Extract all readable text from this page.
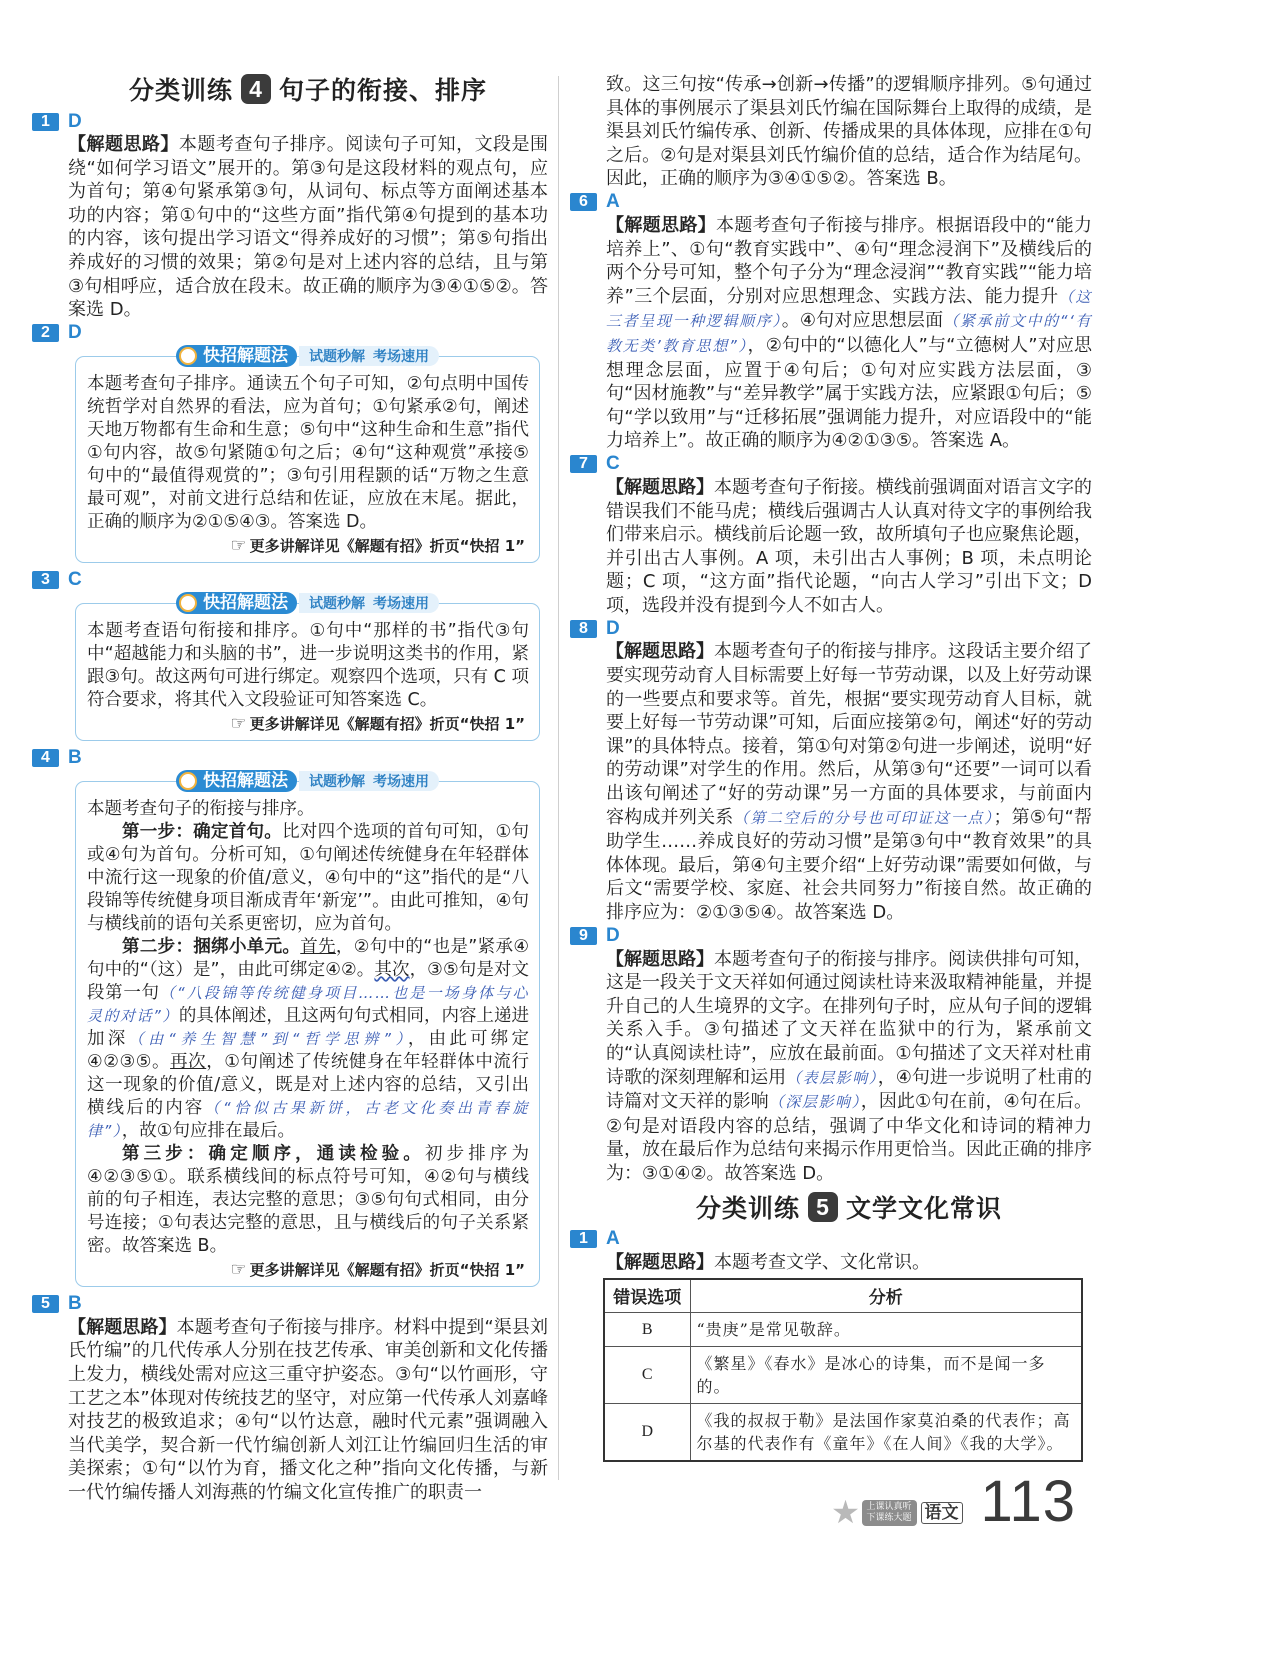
分类训练 4 句子的衔接、排序
1 D

【解题思路】本题考查句子排序。阅读句子可知，文段是围绕“如何学习语文”展开的。第③句是这段材料的观点句，应为首句；第④句紧承第③句，从词句、标点等方面阐述基本功的内容；第①句中的“这些方面”指代第④句提到的基本功的内容，该句提出学习语文“得养成好的习惯”；第⑤句指出养成好的习惯的效果；第②句是对上述内容的总结，且与第③句相呼应，适合放在段末。故正确的顺序为③④①⑤②。答案选 D。

2 D
快招解题法	试题秒解 考场速用

本题考查句子排序。通读五个句子可知，②句点明中国传统哲学对自然界的看法，应为首句；①句紧承②句，阐述天地万物都有生命和生意；⑤句中“这种生命和生意”指代①句内容，故⑤句紧随①句之后；④句“这种观赏”承接⑤句中的“最值得观赏的”；③句引用程颢的话“万物之生意最可观”，对前文进行总结和佐证，应放在末尾。据此，正确的顺序为②①⑤④③。答案选 D。

☞ 更多讲解详见《解题有招》折页“快招 1”
3 C
快招解题法	试题秒解 考场速用

本题考查语句衔接和排序。①句中“那样的书”指代③句中“超越能力和头脑的书”，进一步说明这类书的作用，紧跟③句。故这两句可进行绑定。观察四个选项，只有 C 项符合要求，将其代入文段验证可知答案选 C。

☞ 更多讲解详见《解题有招》折页“快招 1”
4 B
快招解题法	试题秒解 考场速用

本题考查句子的衔接与排序。

第一步：确定首句。比对四个选项的首句可知，①句或④句为首句。分析可知，①句阐述传统健身在年轻群体中流行这一现象的价值/意义，④句中的“这”指代的是“八段锦等传统健身项目渐成青年‘新宠’”。由此可推知，④句与横线前的语句关系更密切，应为首句。

第二步：捆绑小单元。首先，②句中的“也是”紧承④句中的“（这）是”，由此可绑定④②。其次，③⑤句是对文段第一句（“八段锦等传统健身项目……也是一场身体与心灵的对话”）的具体阐述，且这两句句式相同，内容上递进加深（由“养生智慧”到“哲学思辨”），由此可绑定④②③⑤。再次，①句阐述了传统健身在年轻群体中流行这一现象的价值/意义，既是对上述内容的总结，又引出横线后的内容（“恰似古果新饼，古老文化奏出青春旋律”），故①句应排在最后。

第三步：确定顺序，通读检验。初步排序为④②③⑤①。联系横线间的标点符号可知，④②句与横线前的句子相连，表达完整的意思；③⑤句句式相同，由分号连接；①句表达完整的意思，且与横线后的句子关系紧密。故答案选 B。

☞ 更多讲解详见《解题有招》折页“快招 1”
5 B

【解题思路】本题考查句子衔接与排序。材料中提到“渠县刘氏竹编”的几代传承人分别在技艺传承、审美创新和文化传播上发力，横线处需对应这三重守护姿态。③句“以竹画形，守工艺之本”体现对传统技艺的坚守，对应第一代传承人刘嘉峰对技艺的极致追求；④句“以竹达意，融时代元素”强调融入当代美学，契合新一代竹编创新人刘江让竹编回归生活的审美探索；①句“以竹为育，播文化之种”指向文化传播，与新一代竹编传播人刘海燕的竹编文化宣传推广的职责一

致。这三句按“传承→创新→传播”的逻辑顺序排列。⑤句通过具体的事例展示了渠县刘氏竹编在国际舞台上取得的成绩，是渠县刘氏竹编传承、创新、传播成果的具体体现，应排在①句之后。②句是对渠县刘氏竹编价值的总结，适合作为结尾句。因此，正确的顺序为③④①⑤②。答案选 B。

6 A

【解题思路】本题考查句子衔接与排序。根据语段中的“能力培养上”、①句“教育实践中”、④句“理念浸润下”及横线后的两个分号可知，整个句子分为“理念浸润”“教育实践”“能力培养”三个层面，分别对应思想理念、实践方法、能力提升（这三者呈现一种逻辑顺序）。④句对应思想层面（紧承前文中的“‘有教无类’教育思想”），②句中的“以德化人”与“立德树人”对应思想理念层面，应置于④句后；①句对应实践方法层面，③句“因材施教”与“差异教学”属于实践方法，应紧跟①句后；⑤句“学以致用”与“迁移拓展”强调能力提升，对应语段中的“能力培养上”。故正确的顺序为④②①③⑤。答案选 A。

7 C

【解题思路】本题考查句子衔接。横线前强调面对语言文字的错误我们不能马虎；横线后强调古人认真对待文字的事例给我们带来启示。横线前后论题一致，故所填句子也应聚焦论题，并引出古人事例。A 项，未引出古人事例；B 项，未点明论题；C 项，“这方面”指代论题，“向古人学习”引出下文；D 项，选段并没有提到今人不如古人。

8 D

【解题思路】本题考查句子的衔接与排序。这段话主要介绍了要实现劳动育人目标需要上好每一节劳动课，以及上好劳动课的一些要点和要求等。首先，根据“要实现劳动育人目标，就要上好每一节劳动课”可知，后面应接第②句，阐述“好的劳动课”的具体特点。接着，第①句对第②句进一步阐述，说明“好的劳动课”对学生的作用。然后，从第③句“还要”一词可以看出该句阐述了“好的劳动课”另一方面的具体要求，与前面内容构成并列关系（第二空后的分号也可印证这一点）；第⑤句“帮助学生……养成良好的劳动习惯”是第③句中“教育效果”的具体体现。最后，第④句主要介绍“上好劳动课”需要如何做，与后文“需要学校、家庭、社会共同努力”衔接自然。故正确的排序应为：②①③⑤④。故答案选 D。

9 D

【解题思路】本题考查句子的衔接与排序。阅读供排句可知，这是一段关于文天祥如何通过阅读杜诗来汲取精神能量，并提升自己的人生境界的文字。在排列句子时，应从句子间的逻辑关系入手。③句描述了文天祥在监狱中的行为，紧承前文的“认真阅读杜诗”，应放在最前面。①句描述了文天祥对杜甫诗歌的深刻理解和运用（表层影响），④句进一步说明了杜甫的诗篇对文天祥的影响（深层影响），因此①句在前，④句在后。②句是对语段内容的总结，强调了中华文化和诗词的精神力量，放在最后作为总结句来揭示作用更恰当。因此正确的排序为：③①④②。故答案选 D。

分类训练 5 文学文化常识
1 A

【解题思路】本题考查文学、文化常识。

错误选项	分析
B	“贵庚”是常见敬辞。
C	《繁星》《春水》是冰心的诗集，而不是闻一多的。
D	《我的叔叔于勒》是法国作家莫泊桑的代表作；高尔基的代表作有《童年》《在人间》《我的大学》。
上课认真听
下课练大题 语文 113
